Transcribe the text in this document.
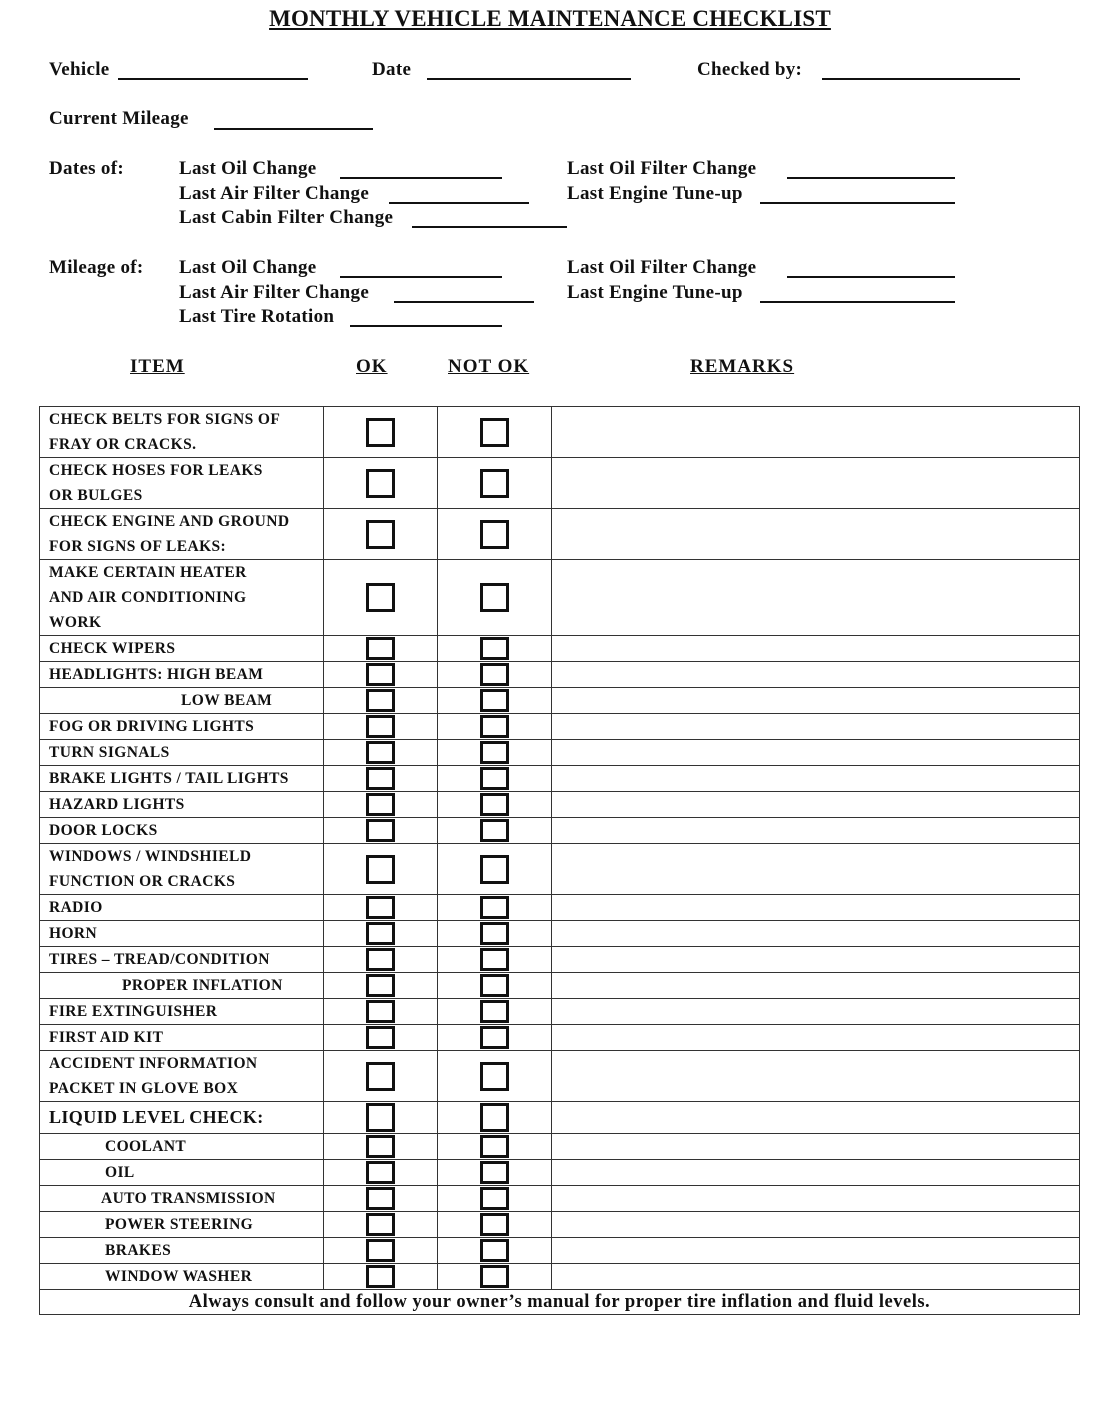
MONTHLY VEHICLE MAINTENANCE CHECKLIST
Vehicle	Date	Checked by:
Current Mileage
Dates of:	Last Oil Change	Last Oil Filter Change
Last Air Filter Change	Last Engine Tune-up
Last Cabin Filter Change
Mileage of: Last Oil Change	Last Oil Filter Change
Last Air Filter Change	Last Engine Tune-up
Last Tire Rotation
ITEM	OK	NOT OK	REMARKS
CHECK BELTS FOR SIGNS OF
FRAY OR CRACKS.			

CHECK HOSES FOR LEAKS
OR BULGES			

CHECK ENGINE AND GROUND
FOR SIGNS OF LEAKS:			

MAKE CERTAIN HEATER
AND AIR CONDITIONING
WORK			

CHECK WIPERS			

HEADLIGHTS: HIGH BEAM			

LOW BEAM			

FOG OR DRIVING LIGHTS			

TURN SIGNALS			

BRAKE LIGHTS / TAIL LIGHTS			

HAZARD LIGHTS			

DOOR LOCKS			

WINDOWS / WINDSHIELD
FUNCTION OR CRACKS			

RADIO			

HORN			

TIRES – TREAD/CONDITION			

PROPER INFLATION			

FIRE EXTINGUISHER			

FIRST AID KIT			

ACCIDENT INFORMATION
PACKET IN GLOVE BOX			

LIQUID LEVEL CHECK:			

COOLANT			

OIL			

AUTO TRANSMISSION			

POWER STEERING			

BRAKES			

WINDOW WASHER			

Always consult and follow your owner’s manual for proper tire inflation and fluid levels.			
